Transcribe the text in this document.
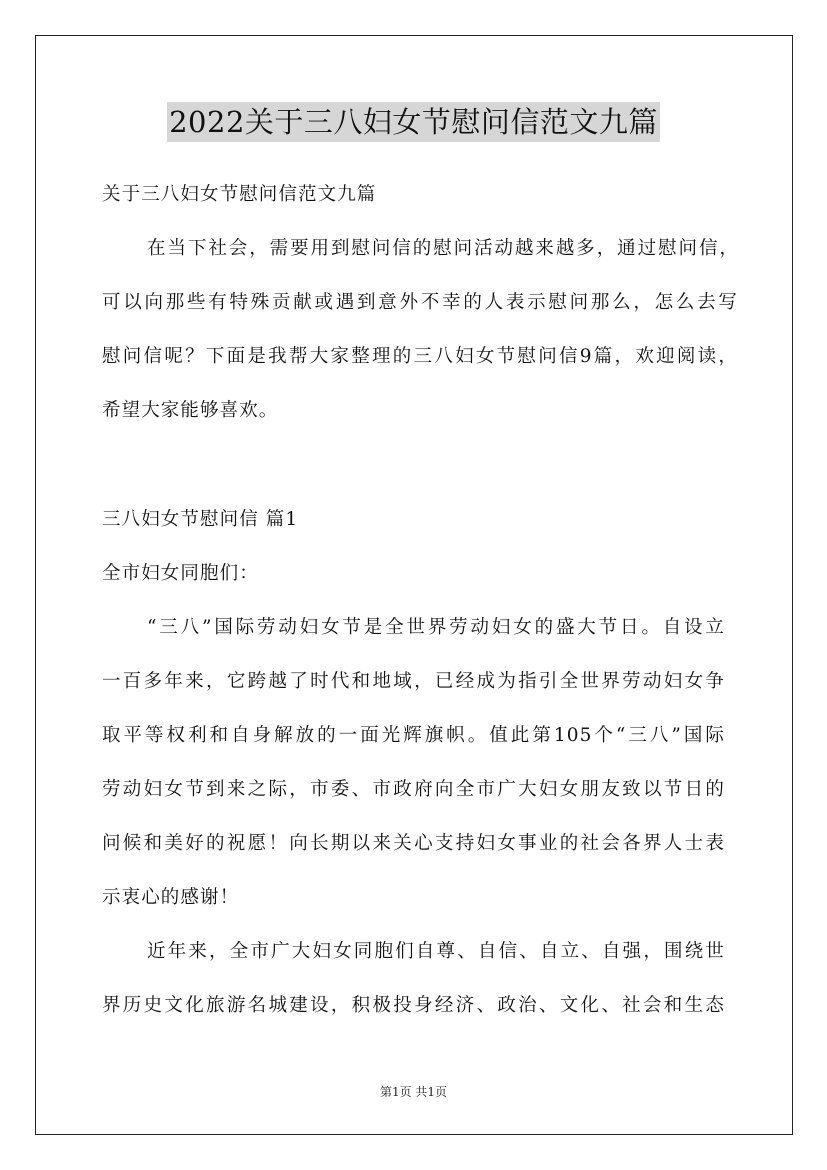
2022关于三八妇女节慰问信范文九篇
关于三八妇女节慰问信范文九篇
在当下社会，需要用到慰问信的慰问活动越来越多，通过慰问信，
可以向那些有特殊贡献或遇到意外不幸的人表示慰问那么，怎么去写
慰问信呢？下面是我帮大家整理的三八妇女节慰问信9篇，欢迎阅读，
希望大家能够喜欢。
三八妇女节慰问信 篇1
全市妇女同胞们：
“三八”国际劳动妇女节是全世界劳动妇女的盛大节日。自设立
一百多年来，它跨越了时代和地域，已经成为指引全世界劳动妇女争
取平等权利和自身解放的一面光辉旗帜。值此第105个“三八”国际
劳动妇女节到来之际，市委、市政府向全市广大妇女朋友致以节日的
问候和美好的祝愿！向长期以来关心支持妇女事业的社会各界人士表
示衷心的感谢！
近年来，全市广大妇女同胞们自尊、自信、自立、自强，围绕世
界历史文化旅游名城建设，积极投身经济、政治、文化、社会和生态
第1页 共1页
